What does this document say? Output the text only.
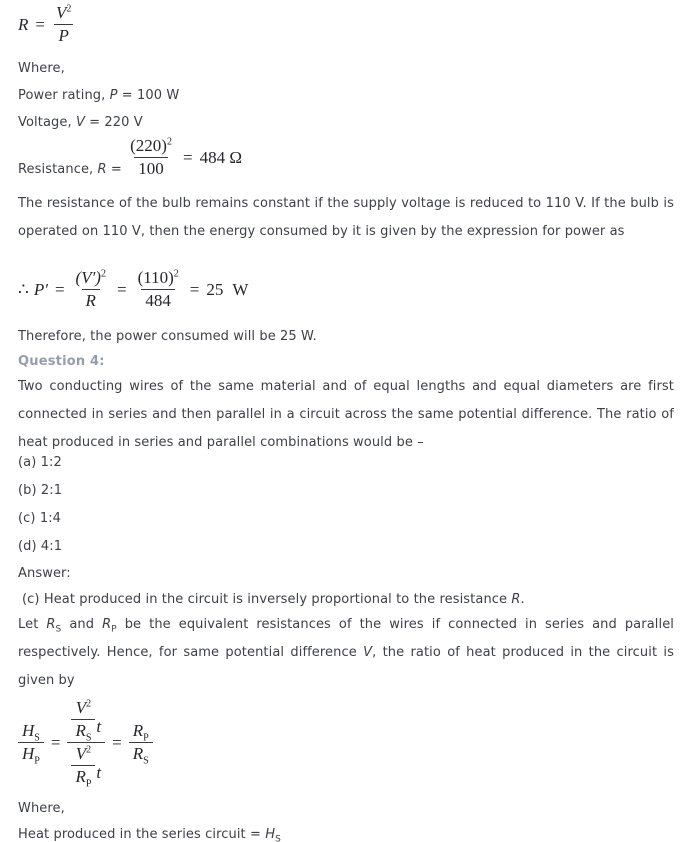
$R = \frac{V^2}{P}$
Where,
Power rating, P = 100 W
Voltage, V = 220 V
Resistance, $R = \frac{(220)^2}{100} = 484$ Ω
The resistance of the bulb remains constant if the supply voltage is reduced to 110 V. If the bulb is operated on 110 V, then the energy consumed by it is given by the expression for power as
∴ $P' = \frac{(V')^2}{R} = \frac{(110)^2}{484} = 25$ W
Therefore, the power consumed will be 25 W.
Question 4:
Two conducting wires of the same material and of equal lengths and equal diameters are first connected in series and then parallel in a circuit across the same potential difference. The ratio of heat produced in series and parallel combinations would be –
(a) 1:2
(b) 2:1
(c) 1:4
(d) 4:1
Answer:
(c) Heat produced in the circuit is inversely proportional to the resistance R.
Let $R_S$ and $R_P$ be the equivalent resistances of the wires if connected in series and parallel respectively. Hence, for same potential difference V, the ratio of heat produced in the circuit is given by
$\frac{H_S}{H_P} = \frac{\frac{V^2}{R_S} t}{\frac{V^2}{R_P} t} = \frac{R_P}{R_S}$
Where,
Heat produced in the series circuit = $H_S$
